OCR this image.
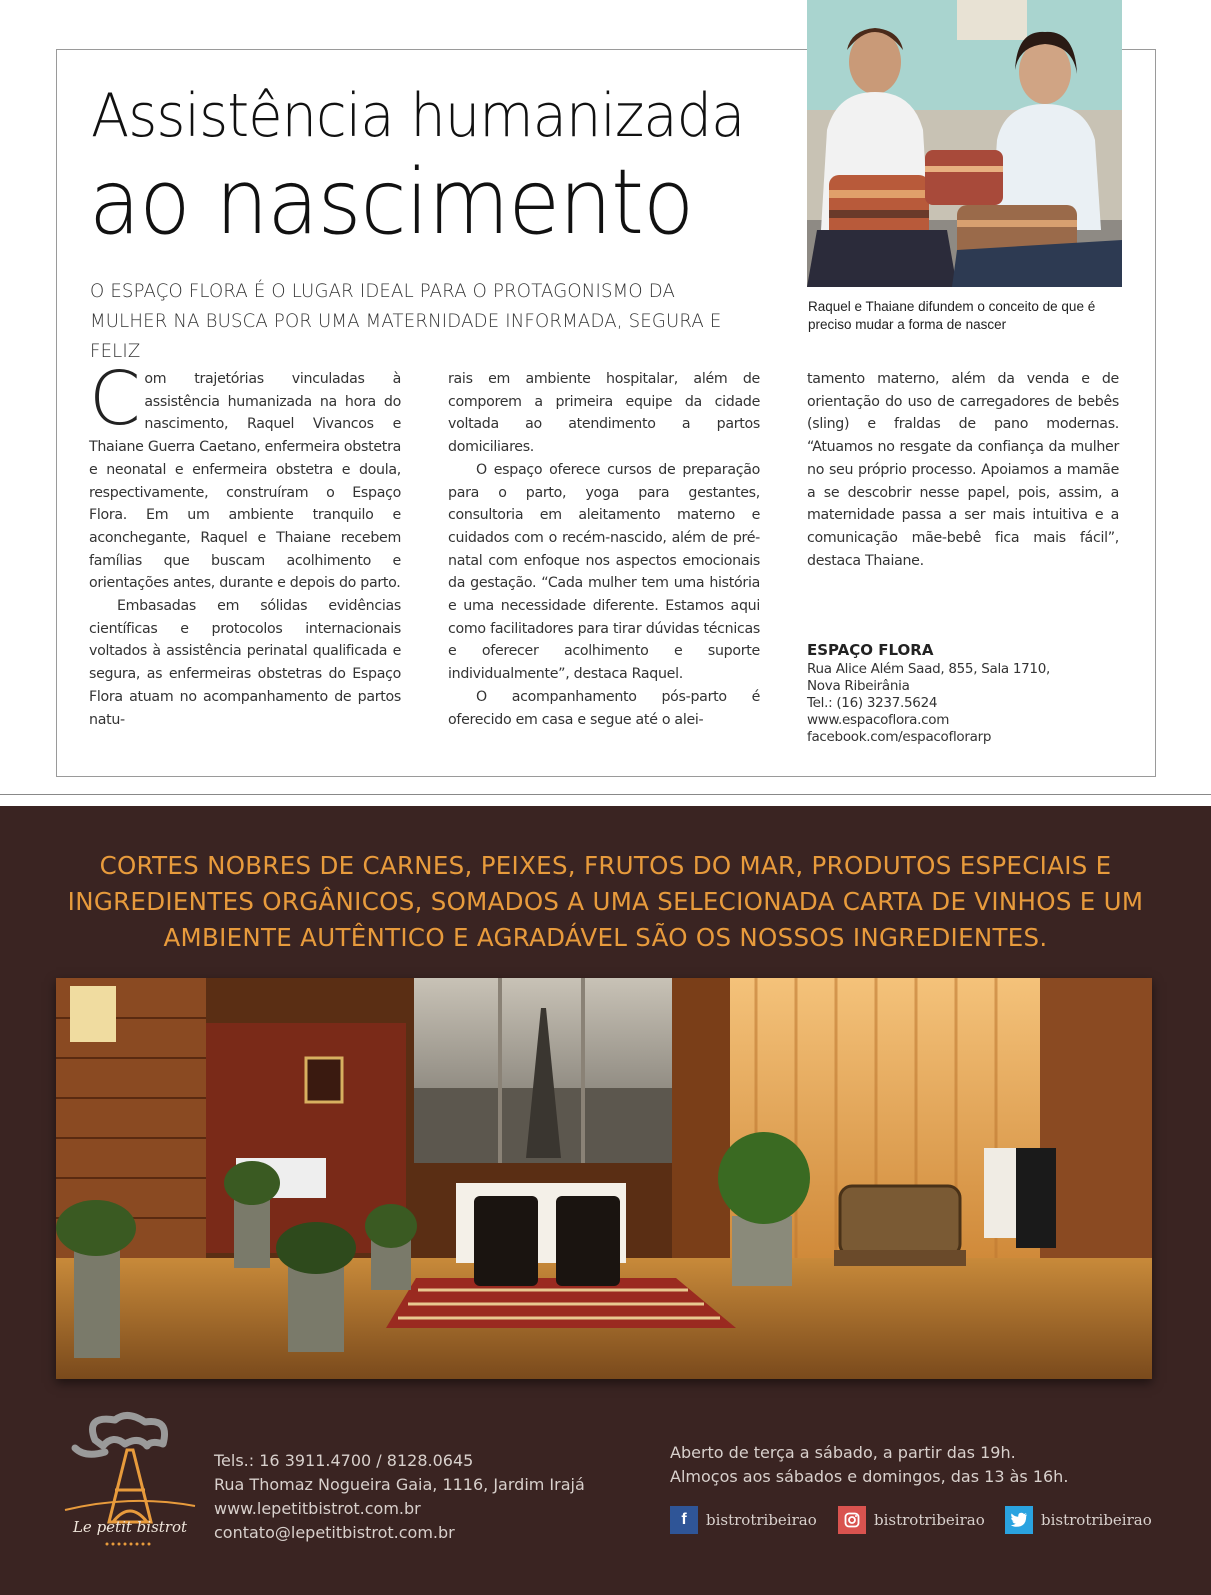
Assistência humanizada
ao nascimento

O ESPAÇO FLORA É O LUGAR IDEAL PARA O PROTAGONISMO DA MULHER NA BUSCA POR UMA MATERNIDADE INFORMADA, SEGURA E FELIZ

Raquel e Thaiane difundem o conceito de que é preciso mudar a forma de nascer

Com trajetórias vinculadas à assistência humanizada na hora do nascimento, Raquel Vivancos e Thaiane Guerra Caetano, enfermeira obstetra e neonatal e enfermeira obstetra e doula, respectivamente, construíram o Espaço Flora. Em um ambiente tranquilo e aconchegante, Raquel e Thaiane recebem famílias que buscam acolhimento e orientações antes, durante e depois do parto.

Embasadas em sólidas evidências científicas e protocolos internacionais voltados à assistência perinatal qualificada e segura, as enfermeiras obstetras do Espaço Flora atuam no acompanhamento de partos natu-

rais em ambiente hospitalar, além de comporem a primeira equipe da cidade voltada ao atendimento a partos domiciliares.

O espaço oferece cursos de preparação para o parto, yoga para gestantes, consultoria em aleitamento materno e cuidados com o recém-nascido, além de pré-natal com enfoque nos aspectos emocionais da gestação. “Cada mulher tem uma história e uma necessidade diferente. Estamos aqui como facilitadores para tirar dúvidas técnicas e oferecer acolhimento e suporte individualmente”, destaca Raquel.

O acompanhamento pós-parto é oferecido em casa e segue até o alei-

tamento materno, além da venda e de orientação do uso de carregadores de bebês (sling) e fraldas de pano modernas. “Atuamos no resgate da confiança da mulher no seu próprio processo. Apoiamos a mamãe a se descobrir nesse papel, pois, assim, a maternidade passa a ser mais intuitiva e a comunicação mãe-bebê fica mais fácil”, destaca Thaiane.

ESPAÇO FLORA
Rua Alice Além Saad, 855, Sala 1710,
Nova Ribeirânia
Tel.: (16) 3237.5624
www.espacoflora.com
facebook.com/espacoflorarp

CORTES NOBRES DE CARNES, PEIXES, FRUTOS DO MAR, PRODUTOS ESPECIAIS E INGREDIENTES ORGÂNICOS, SOMADOS A UMA SELECIONADA CARTA DE VINHOS E UM AMBIENTE AUTÊNTICO E AGRADÁVEL SÃO OS NOSSOS INGREDIENTES.

Le petit bistrot
Tels.: 16 3911.4700 / 8128.0645
Rua Thomaz Nogueira Gaia, 1116, Jardim Irajá
www.lepetitbistrot.com.br
contato@lepetitbistrot.com.br
Aberto de terça a sábado, a partir das 19h.
Almoços aos sábados e domingos, das 13 às 16h.
f	bistrotribeirao	bistrotribeirao	bistrotribeirao
